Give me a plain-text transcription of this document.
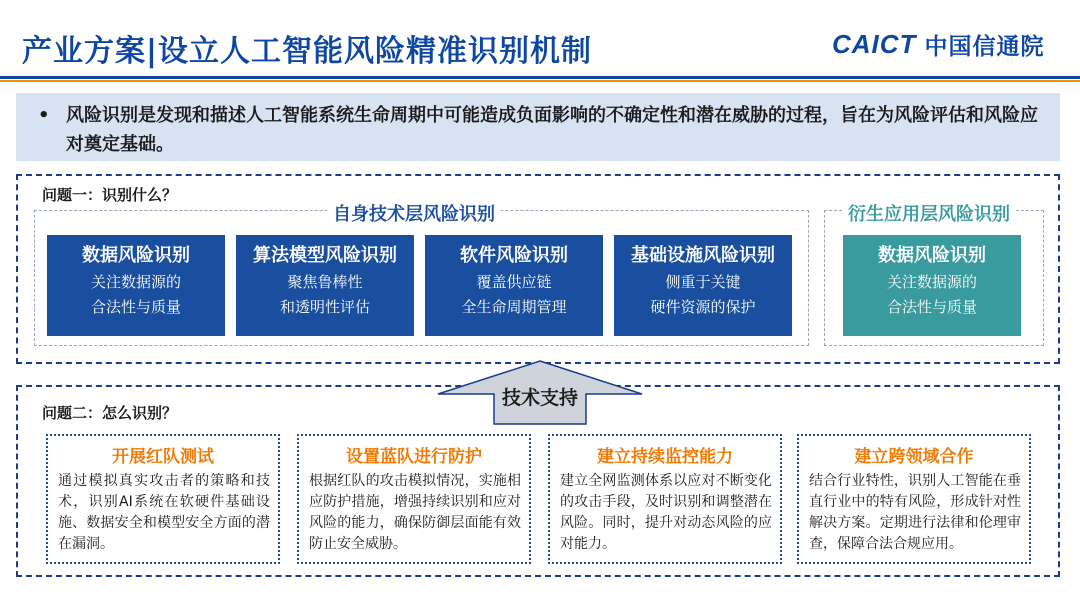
产业方案|设立人工智能风险精准识别机制	CAICT 中国信通院
• 风险识别是发现和描述人工智能系统生命周期中可能造成负面影响的不确定性和潜在威胁的过程，旨在为风险评估和风险应对奠定基础。
问题一：识别什么？
自身技术层风险识别	衍生应用层风险识别
数据风险识别
关注数据源的
合法性与质量
算法模型风险识别
聚焦鲁棒性
和透明性评估
软件风险识别
覆盖供应链
全生命周期管理
基础设施风险识别
侧重于关键
硬件资源的保护
数据风险识别
关注数据源的
合法性与质量
问题二：怎么识别？
技术支持
开展红队测试
通过模拟真实攻击者的策略和技术，识别AI系统在软硬件基础设施、数据安全和模型安全方面的潜在漏洞。
设置蓝队进行防护
根据红队的攻击模拟情况，实施相应防护措施，增强持续识别和应对风险的能力，确保防御层面能有效防止安全威胁。
建立持续监控能力
建立全网监测体系以应对不断变化的攻击手段，及时识别和调整潜在风险。同时，提升对动态风险的应对能力。
建立跨领域合作
结合行业特性，识别人工智能在垂直行业中的特有风险，形成针对性解决方案。定期进行法律和伦理审查，保障合法合规应用。
